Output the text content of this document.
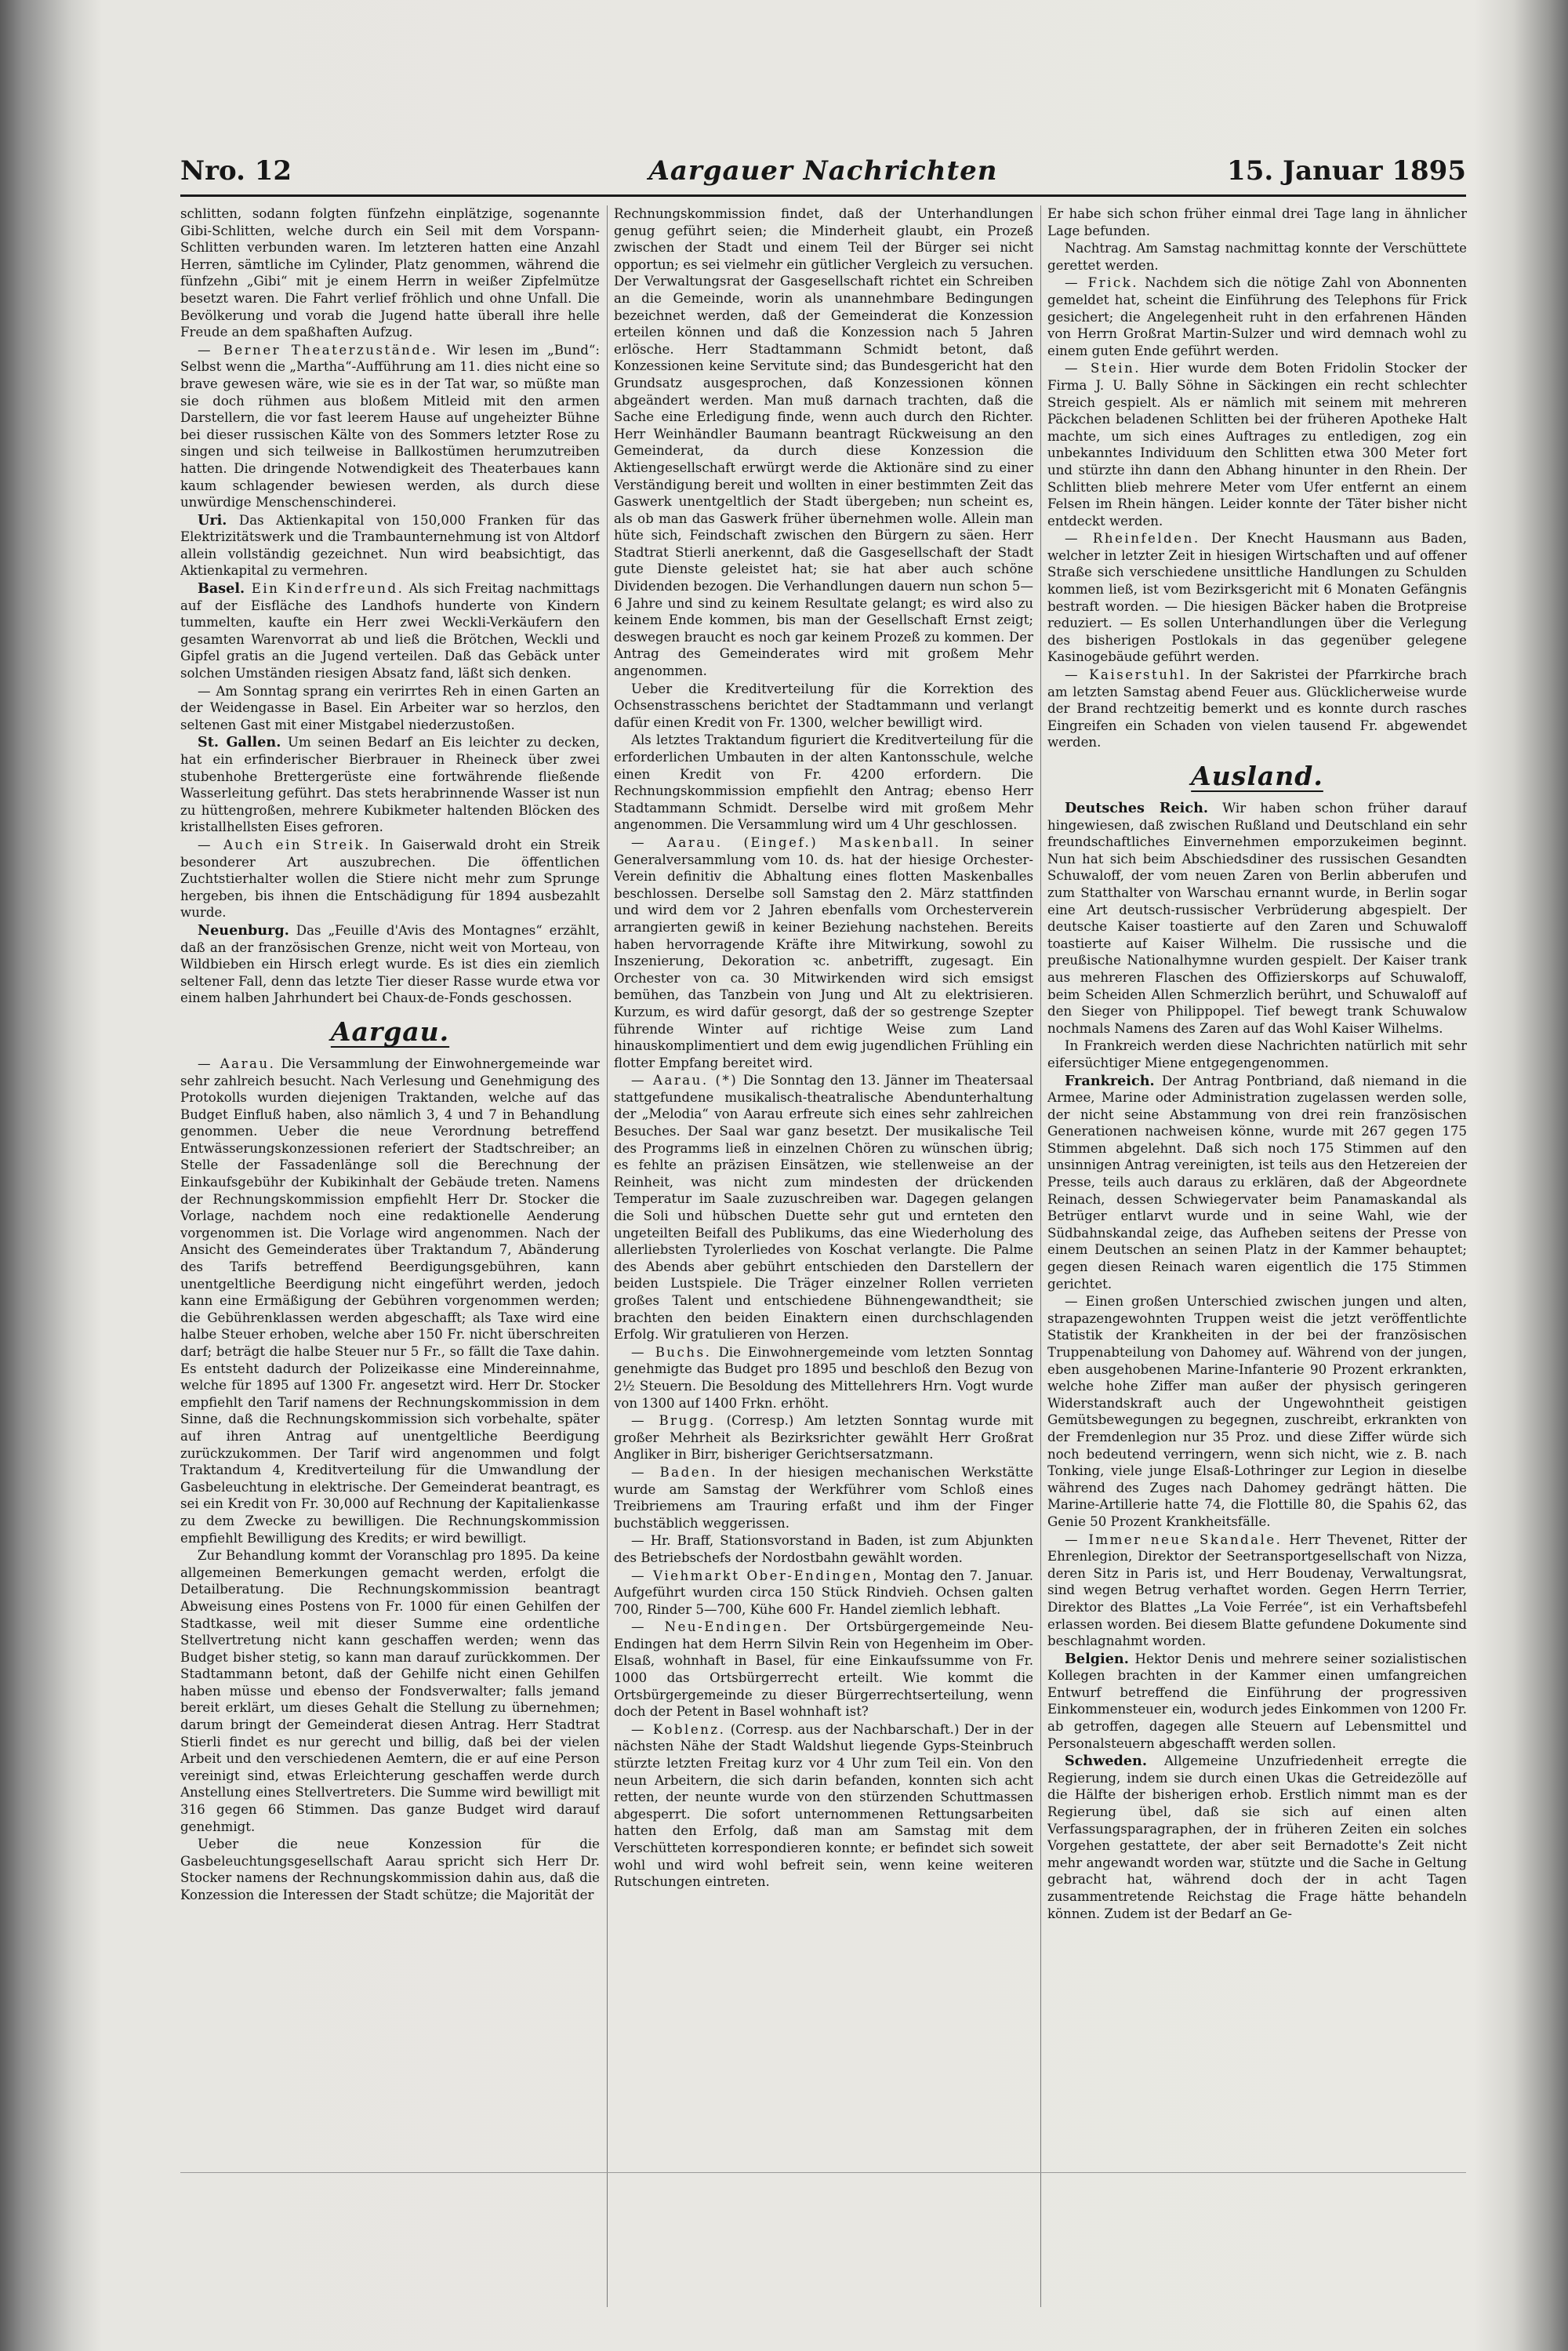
Nro. 12	Aargauer Nachrichten	15. Januar 1895

schlitten, sodann folgten fünfzehn einplätzige, sogenannte Gibi-Schlitten, welche durch ein Seil mit dem Vorspann-Schlitten verbunden waren. Im letzteren hatten eine Anzahl Herren, sämtliche im Cylinder, Platz genommen, während die fünfzehn „Gibi“ mit je einem Herrn in weißer Zipfelmütze besetzt waren. Die Fahrt verlief fröhlich und ohne Unfall. Die Bevölkerung und vorab die Jugend hatte überall ihre helle Freude an dem spaßhaften Aufzug.

— Berner Theaterzustände. Wir lesen im „Bund“: Selbst wenn die „Martha“-Aufführung am 11. dies nicht eine so brave gewesen wäre, wie sie es in der Tat war, so müßte man sie doch rühmen aus bloßem Mitleid mit den armen Darstellern, die vor fast leerem Hause auf ungeheizter Bühne bei dieser russischen Kälte von des Sommers letzter Rose zu singen und sich teilweise in Ballkostümen herumzutreiben hatten. Die dringende Notwendigkeit des Theaterbaues kann kaum schlagender bewiesen werden, als durch diese unwürdige Menschenschinderei.

Uri. Das Aktienkapital von 150,000 Franken für das Elektrizitätswerk und die Trambaunternehmung ist von Altdorf allein vollständig gezeichnet. Nun wird beabsichtigt, das Aktienkapital zu vermehren.

Basel. Ein Kinderfreund. Als sich Freitag nachmittags auf der Eisfläche des Landhofs hunderte von Kindern tummelten, kaufte ein Herr zwei Weckli-Verkäufern den gesamten Warenvorrat ab und ließ die Brötchen, Weckli und Gipfel gratis an die Jugend verteilen. Daß das Gebäck unter solchen Umständen riesigen Absatz fand, läßt sich denken.

— Am Sonntag sprang ein verirrtes Reh in einen Garten an der Weidengasse in Basel. Ein Arbeiter war so herzlos, den seltenen Gast mit einer Mistgabel niederzustoßen.

St. Gallen. Um seinen Bedarf an Eis leichter zu decken, hat ein erfinderischer Bierbrauer in Rheineck über zwei stubenhohe Brettergerüste eine fortwährende fließende Wasserleitung geführt. Das stets herabrinnende Wasser ist nun zu hüttengroßen, mehrere Kubikmeter haltenden Blöcken des kristallhellsten Eises gefroren.

— Auch ein Streik. In Gaiserwald droht ein Streik besonderer Art auszubrechen. Die öffentlichen Zuchtstierhalter wollen die Stiere nicht mehr zum Sprunge hergeben, bis ihnen die Entschädigung für 1894 ausbezahlt wurde.

Neuenburg. Das „Feuille d'Avis des Montagnes“ erzählt, daß an der französischen Grenze, nicht weit von Morteau, von Wildbieben ein Hirsch erlegt wurde. Es ist dies ein ziemlich seltener Fall, denn das letzte Tier dieser Rasse wurde etwa vor einem halben Jahrhundert bei Chaux-de-Fonds geschossen.

Aargau.

— Aarau. Die Versammlung der Einwohnergemeinde war sehr zahlreich besucht. Nach Verlesung und Genehmigung des Protokolls wurden diejenigen Traktanden, welche auf das Budget Einfluß haben, also nämlich 3, 4 und 7 in Behandlung genommen. Ueber die neue Verordnung betreffend Entwässerungskonzessionen referiert der Stadtschreiber; an Stelle der Fassadenlänge soll die Berechnung der Einkaufsgebühr der Kubikinhalt der Gebäude treten. Namens der Rechnungskommission empfiehlt Herr Dr. Stocker die Vorlage, nachdem noch eine redaktionelle Aenderung vorgenommen ist. Die Vorlage wird angenommen. Nach der Ansicht des Gemeinderates über Traktandum 7, Abänderung des Tarifs betreffend Beerdigungsgebühren, kann unentgeltliche Beerdigung nicht eingeführt werden, jedoch kann eine Ermäßigung der Gebühren vorgenommen werden; die Gebührenklassen werden abgeschafft; als Taxe wird eine halbe Steuer erhoben, welche aber 150 Fr. nicht überschreiten darf; beträgt die halbe Steuer nur 5 Fr., so fällt die Taxe dahin. Es entsteht dadurch der Polizeikasse eine Mindereinnahme, welche für 1895 auf 1300 Fr. angesetzt wird. Herr Dr. Stocker empfiehlt den Tarif namens der Rechnungskommission in dem Sinne, daß die Rechnungskommission sich vorbehalte, später auf ihren Antrag auf unentgeltliche Beerdigung zurückzukommen. Der Tarif wird angenommen und folgt Traktandum 4, Kreditverteilung für die Umwandlung der Gasbeleuchtung in elektrische. Der Gemeinderat beantragt, es sei ein Kredit von Fr. 30,000 auf Rechnung der Kapitalienkasse zu dem Zwecke zu bewilligen. Die Rechnungskommission empfiehlt Bewilligung des Kredits; er wird bewilligt.

Zur Behandlung kommt der Voranschlag pro 1895. Da keine allgemeinen Bemerkungen gemacht werden, erfolgt die Detailberatung. Die Rechnungskommission beantragt Abweisung eines Postens von Fr. 1000 für einen Gehilfen der Stadtkasse, weil mit dieser Summe eine ordentliche Stellvertretung nicht kann geschaffen werden; wenn das Budget bisher stetig, so kann man darauf zurückkommen. Der Stadtammann betont, daß der Gehilfe nicht einen Gehilfen haben müsse und ebenso der Fondsverwalter; falls jemand bereit erklärt, um dieses Gehalt die Stellung zu übernehmen; darum bringt der Gemeinderat diesen Antrag. Herr Stadtrat Stierli findet es nur gerecht und billig, daß bei der vielen Arbeit und den verschiedenen Aemtern, die er auf eine Person vereinigt sind, etwas Erleichterung geschaffen werde durch Anstellung eines Stellvertreters. Die Summe wird bewilligt mit 316 gegen 66 Stimmen. Das ganze Budget wird darauf genehmigt.

Ueber die neue Konzession für die Gasbeleuchtungsgesellschaft Aarau spricht sich Herr Dr. Stocker namens der Rechnungskommission dahin aus, daß die Konzession die Interessen der Stadt schütze; die Majorität der

Rechnungskommission findet, daß der Unterhandlungen genug geführt seien; die Minderheit glaubt, ein Prozeß zwischen der Stadt und einem Teil der Bürger sei nicht opportun; es sei vielmehr ein gütlicher Vergleich zu versuchen. Der Verwaltungsrat der Gasgesellschaft richtet ein Schreiben an die Gemeinde, worin als unannehmbare Bedingungen bezeichnet werden, daß der Gemeinderat die Konzession erteilen können und daß die Konzession nach 5 Jahren erlösche. Herr Stadtammann Schmidt betont, daß Konzessionen keine Servitute sind; das Bundesgericht hat den Grundsatz ausgesprochen, daß Konzessionen können abgeändert werden. Man muß darnach trachten, daß die Sache eine Erledigung finde, wenn auch durch den Richter. Herr Weinhändler Baumann beantragt Rückweisung an den Gemeinderat, da durch diese Konzession die Aktiengesellschaft erwürgt werde die Aktionäre sind zu einer Verständigung bereit und wollten in einer bestimmten Zeit das Gaswerk unentgeltlich der Stadt übergeben; nun scheint es, als ob man das Gaswerk früher übernehmen wolle. Allein man hüte sich, Feindschaft zwischen den Bürgern zu säen. Herr Stadtrat Stierli anerkennt, daß die Gasgesellschaft der Stadt gute Dienste geleistet hat; sie hat aber auch schöne Dividenden bezogen. Die Verhandlungen dauern nun schon 5—6 Jahre und sind zu keinem Resultate gelangt; es wird also zu keinem Ende kommen, bis man der Gesellschaft Ernst zeigt; deswegen braucht es noch gar keinem Prozeß zu kommen. Der Antrag des Gemeinderates wird mit großem Mehr angenommen.

Ueber die Kreditverteilung für die Korrektion des Ochsenstrasschens berichtet der Stadtammann und verlangt dafür einen Kredit von Fr. 1300, welcher bewilligt wird.

Als letztes Traktandum figuriert die Kreditverteilung für die erforderlichen Umbauten in der alten Kantonsschule, welche einen Kredit von Fr. 4200 erfordern. Die Rechnungskommission empfiehlt den Antrag; ebenso Herr Stadtammann Schmidt. Derselbe wird mit großem Mehr angenommen. Die Versammlung wird um 4 Uhr geschlossen.

— Aarau. (Eingef.) Maskenball. In seiner Generalversammlung vom 10. ds. hat der hiesige Orchester-Verein definitiv die Abhaltung eines flotten Maskenballes beschlossen. Derselbe soll Samstag den 2. März stattfinden und wird dem vor 2 Jahren ebenfalls vom Orchesterverein arrangierten gewiß in keiner Beziehung nachstehen. Bereits haben hervorragende Kräfte ihre Mitwirkung, sowohl zu Inszenierung, Dekoration ꝛc. anbetrifft, zugesagt. Ein Orchester von ca. 30 Mitwirkenden wird sich emsigst bemühen, das Tanzbein von Jung und Alt zu elektrisieren. Kurzum, es wird dafür gesorgt, daß der so gestrenge Szepter führende Winter auf richtige Weise zum Land hinauskomplimentiert und dem ewig jugendlichen Frühling ein flotter Empfang bereitet wird.

— Aarau. (*) Die Sonntag den 13. Jänner im Theatersaal stattgefundene musikalisch-theatralische Abendunterhaltung der „Melodia“ von Aarau erfreute sich eines sehr zahlreichen Besuches. Der Saal war ganz besetzt. Der musikalische Teil des Programms ließ in einzelnen Chören zu wünschen übrig; es fehlte an präzisen Einsätzen, wie stellenweise an der Reinheit, was nicht zum mindesten der drückenden Temperatur im Saale zuzuschreiben war. Dagegen gelangen die Soli und hübschen Duette sehr gut und ernteten den ungeteilten Beifall des Publikums, das eine Wiederholung des allerliebsten Tyrolerliedes von Koschat verlangte. Die Palme des Abends aber gebührt entschieden den Darstellern der beiden Lustspiele. Die Träger einzelner Rollen verrieten großes Talent und entschiedene Bühnengewandtheit; sie brachten den beiden Einaktern einen durchschlagenden Erfolg. Wir gratulieren von Herzen.

— Buchs. Die Einwohnergemeinde vom letzten Sonntag genehmigte das Budget pro 1895 und beschloß den Bezug von 2½ Steuern. Die Besoldung des Mittellehrers Hrn. Vogt wurde von 1300 auf 1400 Frkn. erhöht.

— Brugg. (Corresp.) Am letzten Sonntag wurde mit großer Mehrheit als Bezirksrichter gewählt Herr Großrat Angliker in Birr, bisheriger Gerichtsersatzmann.

— Baden. In der hiesigen mechanischen Werkstätte wurde am Samstag der Werkführer vom Schloß eines Treibriemens am Trauring erfaßt und ihm der Finger buchstäblich weggerissen.

— Hr. Braff, Stationsvorstand in Baden, ist zum Abjunkten des Betriebschefs der Nordostbahn gewählt worden.

— Viehmarkt Ober-Endingen, Montag den 7. Januar. Aufgeführt wurden circa 150 Stück Rindvieh. Ochsen galten 700, Rinder 5—700, Kühe 600 Fr. Handel ziemlich lebhaft.

— Neu-Endingen. Der Ortsbürgergemeinde Neu-Endingen hat dem Herrn Silvin Rein von Hegenheim im Ober-Elsaß, wohnhaft in Basel, für eine Einkaufssumme von Fr. 1000 das Ortsbürgerrecht erteilt. Wie kommt die Ortsbürgergemeinde zu dieser Bürgerrechtserteilung, wenn doch der Petent in Basel wohnhaft ist?

— Koblenz. (Corresp. aus der Nachbarschaft.) Der in der nächsten Nähe der Stadt Waldshut liegende Gyps-Steinbruch stürzte letzten Freitag kurz vor 4 Uhr zum Teil ein. Von den neun Arbeitern, die sich darin befanden, konnten sich acht retten, der neunte wurde von den stürzenden Schuttmassen abgesperrt. Die sofort unternommenen Rettungsarbeiten hatten den Erfolg, daß man am Samstag mit dem Verschütteten korrespondieren konnte; er befindet sich soweit wohl und wird wohl befreit sein, wenn keine weiteren Rutschungen eintreten.

Er habe sich schon früher einmal drei Tage lang in ähnlicher Lage befunden.

Nachtrag. Am Samstag nachmittag konnte der Verschüttete gerettet werden.

— Frick. Nachdem sich die nötige Zahl von Abonnenten gemeldet hat, scheint die Einführung des Telephons für Frick gesichert; die Angelegenheit ruht in den erfahrenen Händen von Herrn Großrat Martin-Sulzer und wird demnach wohl zu einem guten Ende geführt werden.

— Stein. Hier wurde dem Boten Fridolin Stocker der Firma J. U. Bally Söhne in Säckingen ein recht schlechter Streich gespielt. Als er nämlich mit seinem mit mehreren Päckchen beladenen Schlitten bei der früheren Apotheke Halt machte, um sich eines Auftrages zu entledigen, zog ein unbekanntes Individuum den Schlitten etwa 300 Meter fort und stürzte ihn dann den Abhang hinunter in den Rhein. Der Schlitten blieb mehrere Meter vom Ufer entfernt an einem Felsen im Rhein hängen. Leider konnte der Täter bisher nicht entdeckt werden.

— Rheinfelden. Der Knecht Hausmann aus Baden, welcher in letzter Zeit in hiesigen Wirtschaften und auf offener Straße sich verschiedene unsittliche Handlungen zu Schulden kommen ließ, ist vom Bezirksgericht mit 6 Monaten Gefängnis bestraft worden. — Die hiesigen Bäcker haben die Brotpreise reduziert. — Es sollen Unterhandlungen über die Verlegung des bisherigen Postlokals in das gegenüber gelegene Kasinogebäude geführt werden.

— Kaiserstuhl. In der Sakristei der Pfarrkirche brach am letzten Samstag abend Feuer aus. Glücklicherweise wurde der Brand rechtzeitig bemerkt und es konnte durch rasches Eingreifen ein Schaden von vielen tausend Fr. abgewendet werden.

Ausland.

Deutsches Reich. Wir haben schon früher darauf hingewiesen, daß zwischen Rußland und Deutschland ein sehr freundschaftliches Einvernehmen emporzukeimen beginnt. Nun hat sich beim Abschiedsdiner des russischen Gesandten Schuwaloff, der vom neuen Zaren von Berlin abberufen und zum Statthalter von Warschau ernannt wurde, in Berlin sogar eine Art deutsch-russischer Verbrüderung abgespielt. Der deutsche Kaiser toastierte auf den Zaren und Schuwaloff toastierte auf Kaiser Wilhelm. Die russische und die preußische Nationalhymne wurden gespielt. Der Kaiser trank aus mehreren Flaschen des Offizierskorps auf Schuwaloff, beim Scheiden Allen Schmerzlich berührt, und Schuwaloff auf den Sieger von Philippopel. Tief bewegt trank Schuwalow nochmals Namens des Zaren auf das Wohl Kaiser Wilhelms.

In Frankreich werden diese Nachrichten natürlich mit sehr eifersüchtiger Miene entgegengenommen.

Frankreich. Der Antrag Pontbriand, daß niemand in die Armee, Marine oder Administration zugelassen werden solle, der nicht seine Abstammung von drei rein französischen Generationen nachweisen könne, wurde mit 267 gegen 175 Stimmen abgelehnt. Daß sich noch 175 Stimmen auf den unsinnigen Antrag vereinigten, ist teils aus den Hetzereien der Presse, teils auch daraus zu erklären, daß der Abgeordnete Reinach, dessen Schwiegervater beim Panamaskandal als Betrüger entlarvt wurde und in seine Wahl, wie der Südbahnskandal zeige, das Aufheben seitens der Presse von einem Deutschen an seinen Platz in der Kammer behauptet; gegen diesen Reinach waren eigentlich die 175 Stimmen gerichtet.

— Einen großen Unterschied zwischen jungen und alten, strapazengewohnten Truppen weist die jetzt veröffentlichte Statistik der Krankheiten in der bei der französischen Truppenabteilung von Dahomey auf. Während von der jungen, eben ausgehobenen Marine-Infanterie 90 Prozent erkrankten, welche hohe Ziffer man außer der physisch geringeren Widerstandskraft auch der Ungewohntheit geistigen Gemütsbewegungen zu begegnen, zuschreibt, erkrankten von der Fremdenlegion nur 35 Proz. und diese Ziffer würde sich noch bedeutend verringern, wenn sich nicht, wie z. B. nach Tonking, viele junge Elsaß-Lothringer zur Legion in dieselbe während des Zuges nach Dahomey gedrängt hätten. Die Marine-Artillerie hatte 74, die Flottille 80, die Spahis 62, das Genie 50 Prozent Krankheitsfälle.

— Immer neue Skandale. Herr Thevenet, Ritter der Ehrenlegion, Direktor der Seetransportgesellschaft von Nizza, deren Sitz in Paris ist, und Herr Boudenay, Verwaltungsrat, sind wegen Betrug verhaftet worden. Gegen Herrn Terrier, Direktor des Blattes „La Voie Ferrée“, ist ein Verhaftsbefehl erlassen worden. Bei diesem Blatte gefundene Dokumente sind beschlagnahmt worden.

Belgien. Hektor Denis und mehrere seiner sozialistischen Kollegen brachten in der Kammer einen umfangreichen Entwurf betreffend die Einführung der progressiven Einkommensteuer ein, wodurch jedes Einkommen von 1200 Fr. ab getroffen, dagegen alle Steuern auf Lebensmittel und Personalsteuern abgeschafft werden sollen.

Schweden. Allgemeine Unzufriedenheit erregte die Regierung, indem sie durch einen Ukas die Getreidezölle auf die Hälfte der bisherigen erhob. Erstlich nimmt man es der Regierung übel, daß sie sich auf einen alten Verfassungsparagraphen, der in früheren Zeiten ein solches Vorgehen gestattete, der aber seit Bernadotte's Zeit nicht mehr angewandt worden war, stützte und die Sache in Geltung gebracht hat, während doch der in acht Tagen zusammentretende Reichstag die Frage hätte behandeln können. Zudem ist der Bedarf an Ge-
